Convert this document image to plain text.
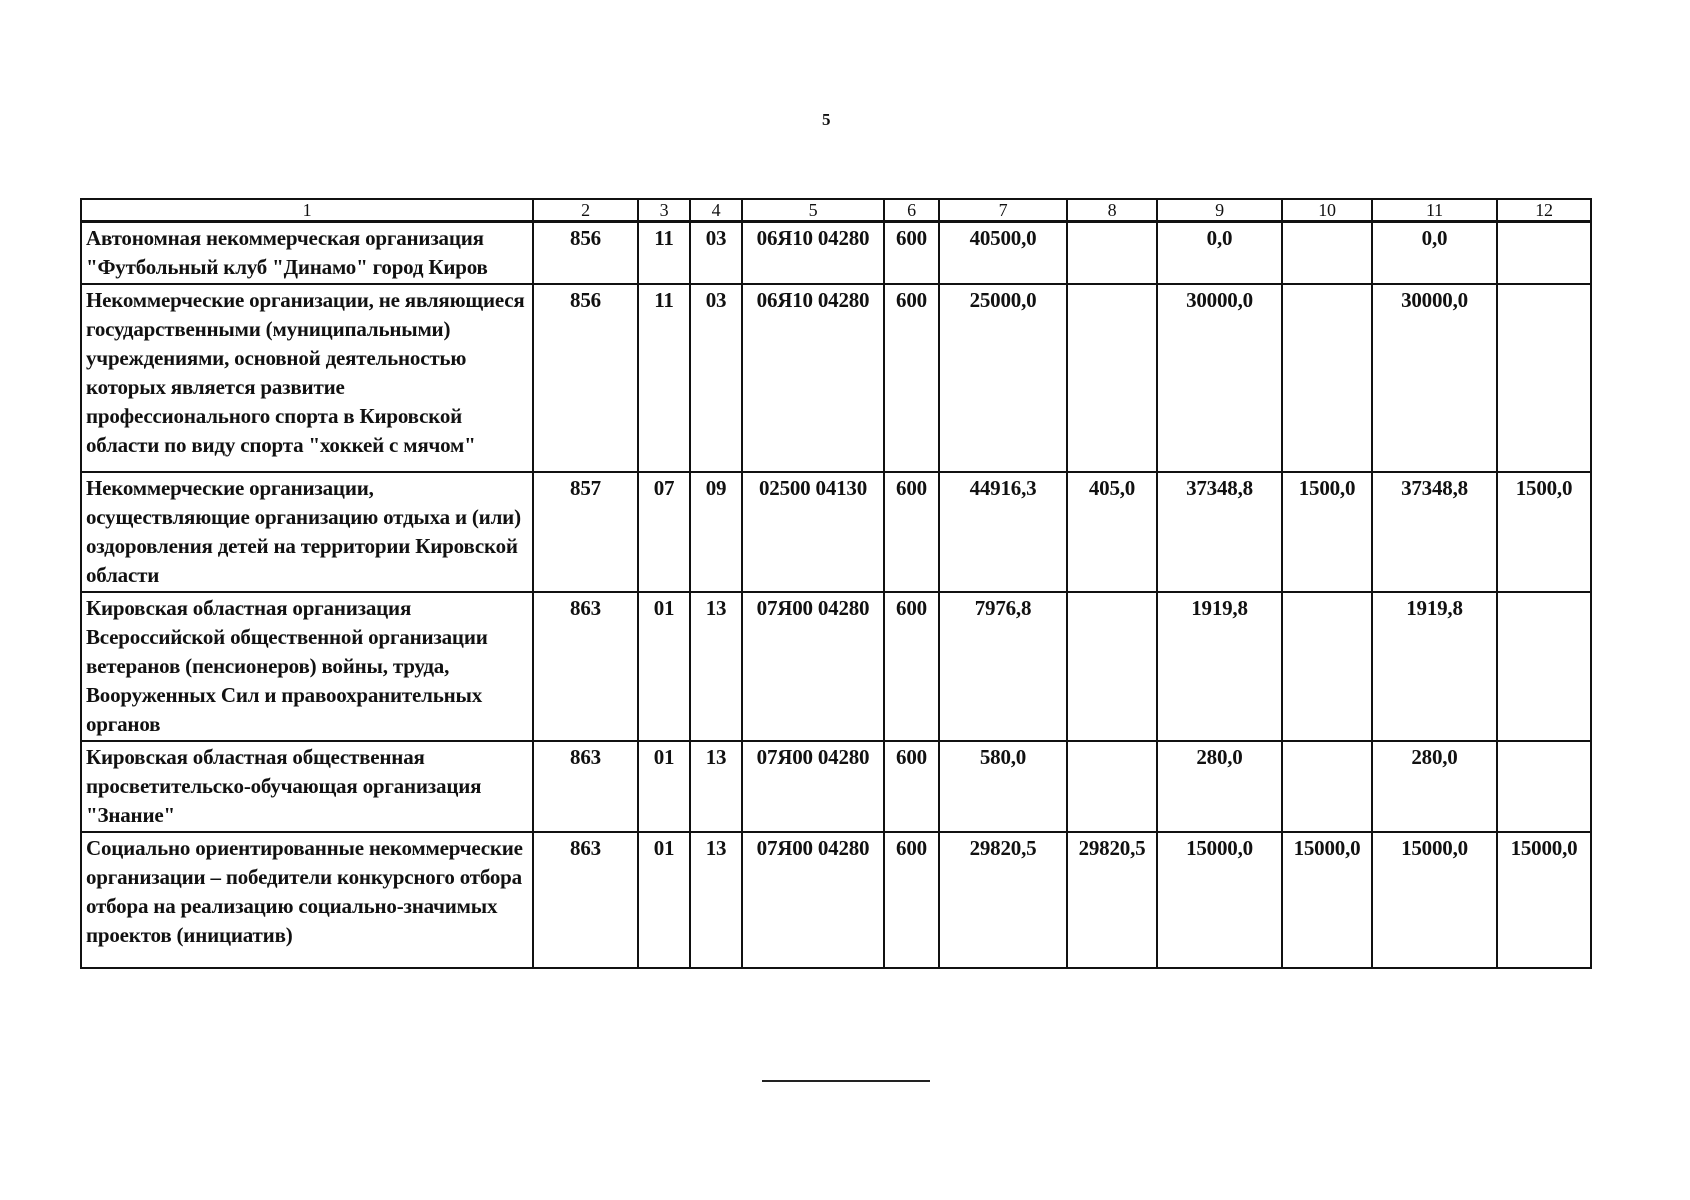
5
1	2	3	4	5	6	7	8	9	10	11	12
Автономная некоммерческая организация "Футбольный клуб "Динамо" город Киров	856	11	03	06Я10 04280	600	40500,0		0,0		0,0	
Некоммерческие организации, не являющиеся государственными (муниципальными) учреждениями, основной деятельностью которых является развитие профессионального спорта в Кировской области по виду спорта "хоккей с мячом"	856	11	03	06Я10 04280	600	25000,0		30000,0		30000,0	
Некоммерческие организации, осуществляющие организацию отдыха и (или) оздоровления детей на территории Кировской области	857	07	09	02500 04130	600	44916,3	405,0	37348,8	1500,0	37348,8	1500,0
Кировская областная организация Всероссийской общественной организации ветеранов (пенсионеров) войны, труда, Вооруженных Сил и правоохранительных органов	863	01	13	07Я00 04280	600	7976,8		1919,8		1919,8	
Кировская областная общественная просветительско-обучающая организация "Знание"	863	01	13	07Я00 04280	600	580,0		280,0		280,0	
Социально ориентированные некоммерческие организации – победители конкурсного отбора отбора на реализацию социально-значимых проектов (инициатив)	863	01	13	07Я00 04280	600	29820,5	29820,5	15000,0	15000,0	15000,0	15000,0
